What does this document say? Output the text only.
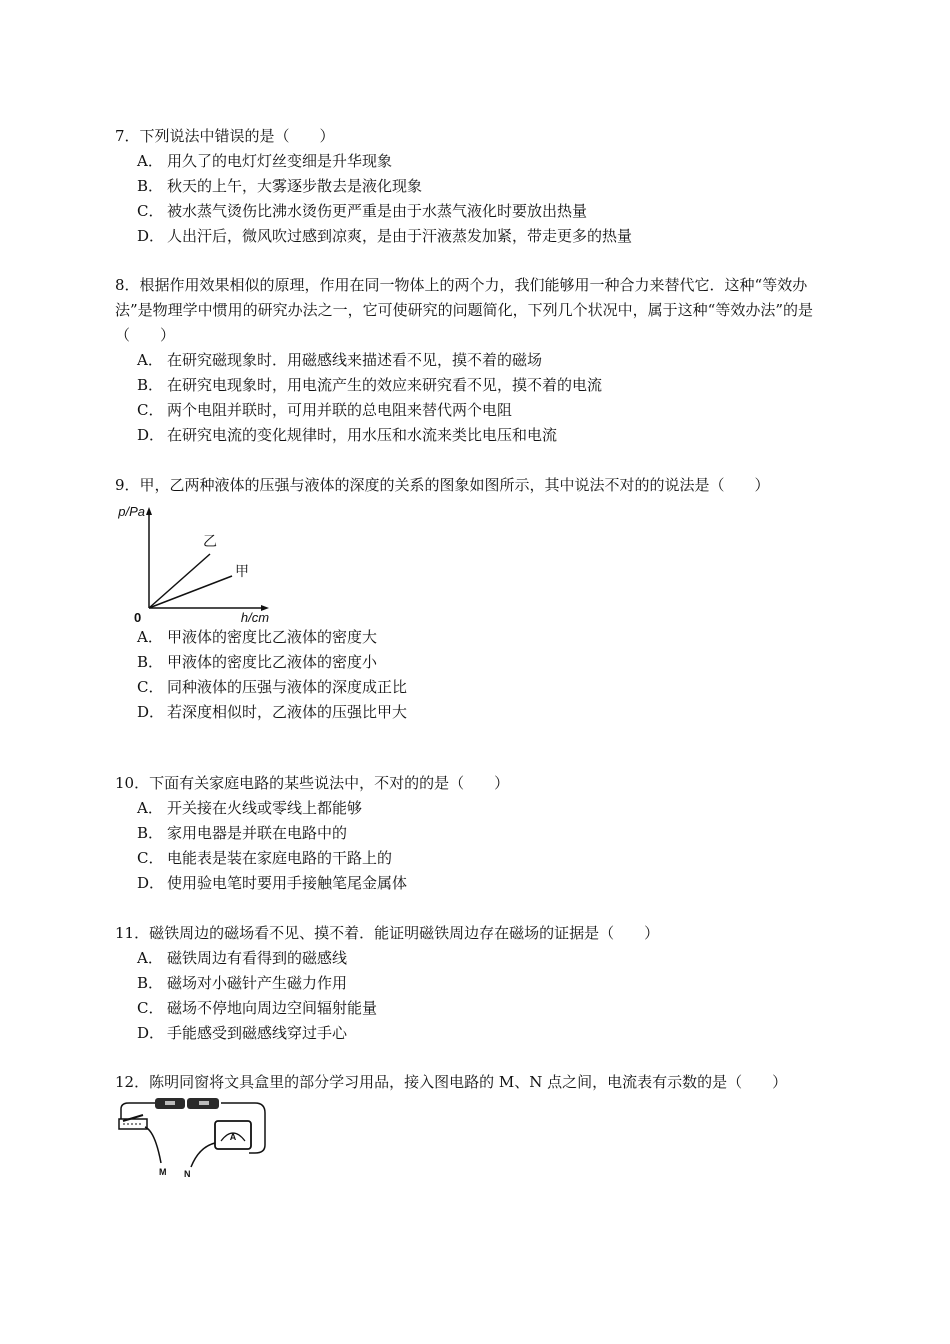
7．下列说法中错误的是（　　）

A． 用久了的电灯灯丝变细是升华现象
B． 秋天的上午，大雾逐步散去是液化现象
C． 被水蒸气烫伤比沸水烫伤更严重是由于水蒸气液化时要放出热量
D． 人出汗后，微风吹过感到凉爽，是由于汗液蒸发加紧，带走更多的热量

8．根据作用效果相似的原理，作用在同一物体上的两个力，我们能够用一种合力来替代它．这种“等效办法”是物理学中惯用的研究办法之一，它可使研究的问题简化，下列几个状况中，属于这种“等效办法”的是（　　）

A． 在研究磁现象时．用磁感线来描述看不见，摸不着的磁场
B． 在研究电现象时，用电流产生的效应来研究看不见，摸不着的电流
C． 两个电阻并联时，可用并联的总电阻来替代两个电阻
D． 在研究电流的变化规律时，用水压和水流来类比电压和电流

9．甲，乙两种液体的压强与液体的深度的关系的图象如图所示，其中说法不对的的说法是（　　）

p/Pa
h/cm
0
乙
甲
A． 甲液体的密度比乙液体的密度大
B． 甲液体的密度比乙液体的密度小
C． 同种液体的压强与液体的深度成正比
D． 若深度相似时，乙液体的压强比甲大

10．下面有关家庭电路的某些说法中，不对的的是（　　）

A． 开关接在火线或零线上都能够
B． 家用电器是并联在电路中的
C． 电能表是装在家庭电路的干路上的
D． 使用验电笔时要用手接触笔尾金属体

11．磁铁周边的磁场看不见、摸不着．能证明磁铁周边存在磁场的证据是（　　）

A． 磁铁周边有看得到的磁感线
B． 磁场对小磁针产生磁力作用
C． 磁场不停地向周边空间辐射能量
D． 手能感受到磁感线穿过手心

12．陈明同窗将文具盒里的部分学习用品，接入图电路的 M、N 点之间，电流表有示数的是（　　）

A
M N
